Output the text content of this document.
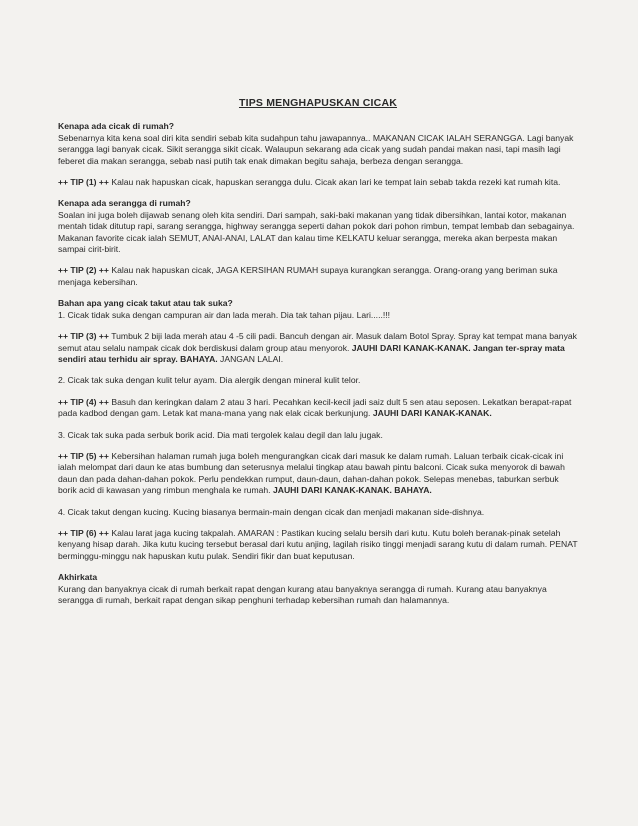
TIPS MENGHAPUSKAN CICAK
Kenapa ada cicak di rumah?

Sebenarnya kita kena soal diri kita sendiri sebab kita sudahpun tahu jawapannya.. MAKANAN CICAK IALAH SERANGGA. Lagi banyak serangga lagi banyak cicak. Sikit serangga sikit cicak. Walaupun sekarang ada cicak yang sudah pandai makan nasi, tapi masih lagi feberet dia makan serangga, sebab nasi putih tak enak dimakan begitu sahaja, berbeza dengan serangga.

++ TIP (1) ++ Kalau nak hapuskan cicak, hapuskan serangga dulu. Cicak akan lari ke tempat lain sebab takda rezeki kat rumah kita.

Kenapa ada serangga di rumah?

Soalan ini juga boleh dijawab senang oleh kita sendiri. Dari sampah, saki-baki makanan yang tidak dibersihkan, lantai kotor, makanan mentah tidak ditutup rapi, sarang serangga, highway serangga seperti dahan pokok dari pohon rimbun, tempat lembab dan sebagainya. Makanan favorite cicak ialah SEMUT, ANAI-ANAI, LALAT dan kalau time KELKATU keluar serangga, mereka akan berpesta makan sampai cirit-birit.

++ TIP (2) ++ Kalau nak hapuskan cicak, JAGA KERSIHAN RUMAH supaya kurangkan serangga. Orang-orang yang beriman suka menjaga kebersihan.

Bahan apa yang cicak takut atau tak suka?

1. Cicak tidak suka dengan campuran air dan lada merah. Dia tak tahan pijau. Lari.....!!!

++ TIP (3) ++ Tumbuk 2 biji lada merah atau 4 -5 cili padi. Bancuh dengan air. Masuk dalam Botol Spray. Spray kat tempat mana banyak semut atau selalu nampak cicak dok berdiskusi dalam group atau menyorok. JAUHI DARI KANAK-KANAK. Jangan ter-spray mata sendiri atau terhidu air spray. BAHAYA. JANGAN LALAI.

2. Cicak tak suka dengan kulit telur ayam. Dia alergik dengan mineral kulit telor.

++ TIP (4) ++ Basuh dan keringkan dalam 2 atau 3 hari. Pecahkan kecil-kecil jadi saiz dult 5 sen atau seposen. Lekatkan berapat-rapat pada kadbod dengan gam. Letak kat mana-mana yang nak elak cicak berkunjung. JAUHI DARI KANAK-KANAK.

3. Cicak tak suka pada serbuk borik acid. Dia mati tergolek kalau degil dan lalu jugak.

++ TIP (5) ++ Kebersihan halaman rumah juga boleh mengurangkan cicak dari masuk ke dalam rumah. Laluan terbaik cicak-cicak ini ialah melompat dari daun ke atas bumbung dan seterusnya melalui tingkap atau bawah pintu balconi. Cicak suka menyorok di bawah daun dan pada dahan-dahan pokok. Perlu pendekkan rumput, daun-daun, dahan-dahan pokok. Selepas menebas, taburkan serbuk borik acid di kawasan yang rimbun menghala ke rumah. JAUHI DARI KANAK-KANAK. BAHAYA.

4. Cicak takut dengan kucing. Kucing biasanya bermain-main dengan cicak dan menjadi makanan side-dishnya.

++ TIP (6) ++ Kalau larat jaga kucing takpalah. AMARAN : Pastikan kucing selalu bersih dari kutu. Kutu boleh beranak-pinak setelah kenyang hisap darah. Jika kutu kucing tersebut berasal dari kutu anjing, lagilah risiko tinggi menjadi sarang kutu di dalam rumah. PENAT berminggu-minggu nak hapuskan kutu pulak. Sendiri fikir dan buat keputusan.

Akhirkata

Kurang dan banyaknya cicak di rumah berkait rapat dengan kurang atau banyaknya serangga di rumah. Kurang atau banyaknya serangga di rumah, berkait rapat dengan sikap penghuni terhadap kebersihan rumah dan halamannya.
